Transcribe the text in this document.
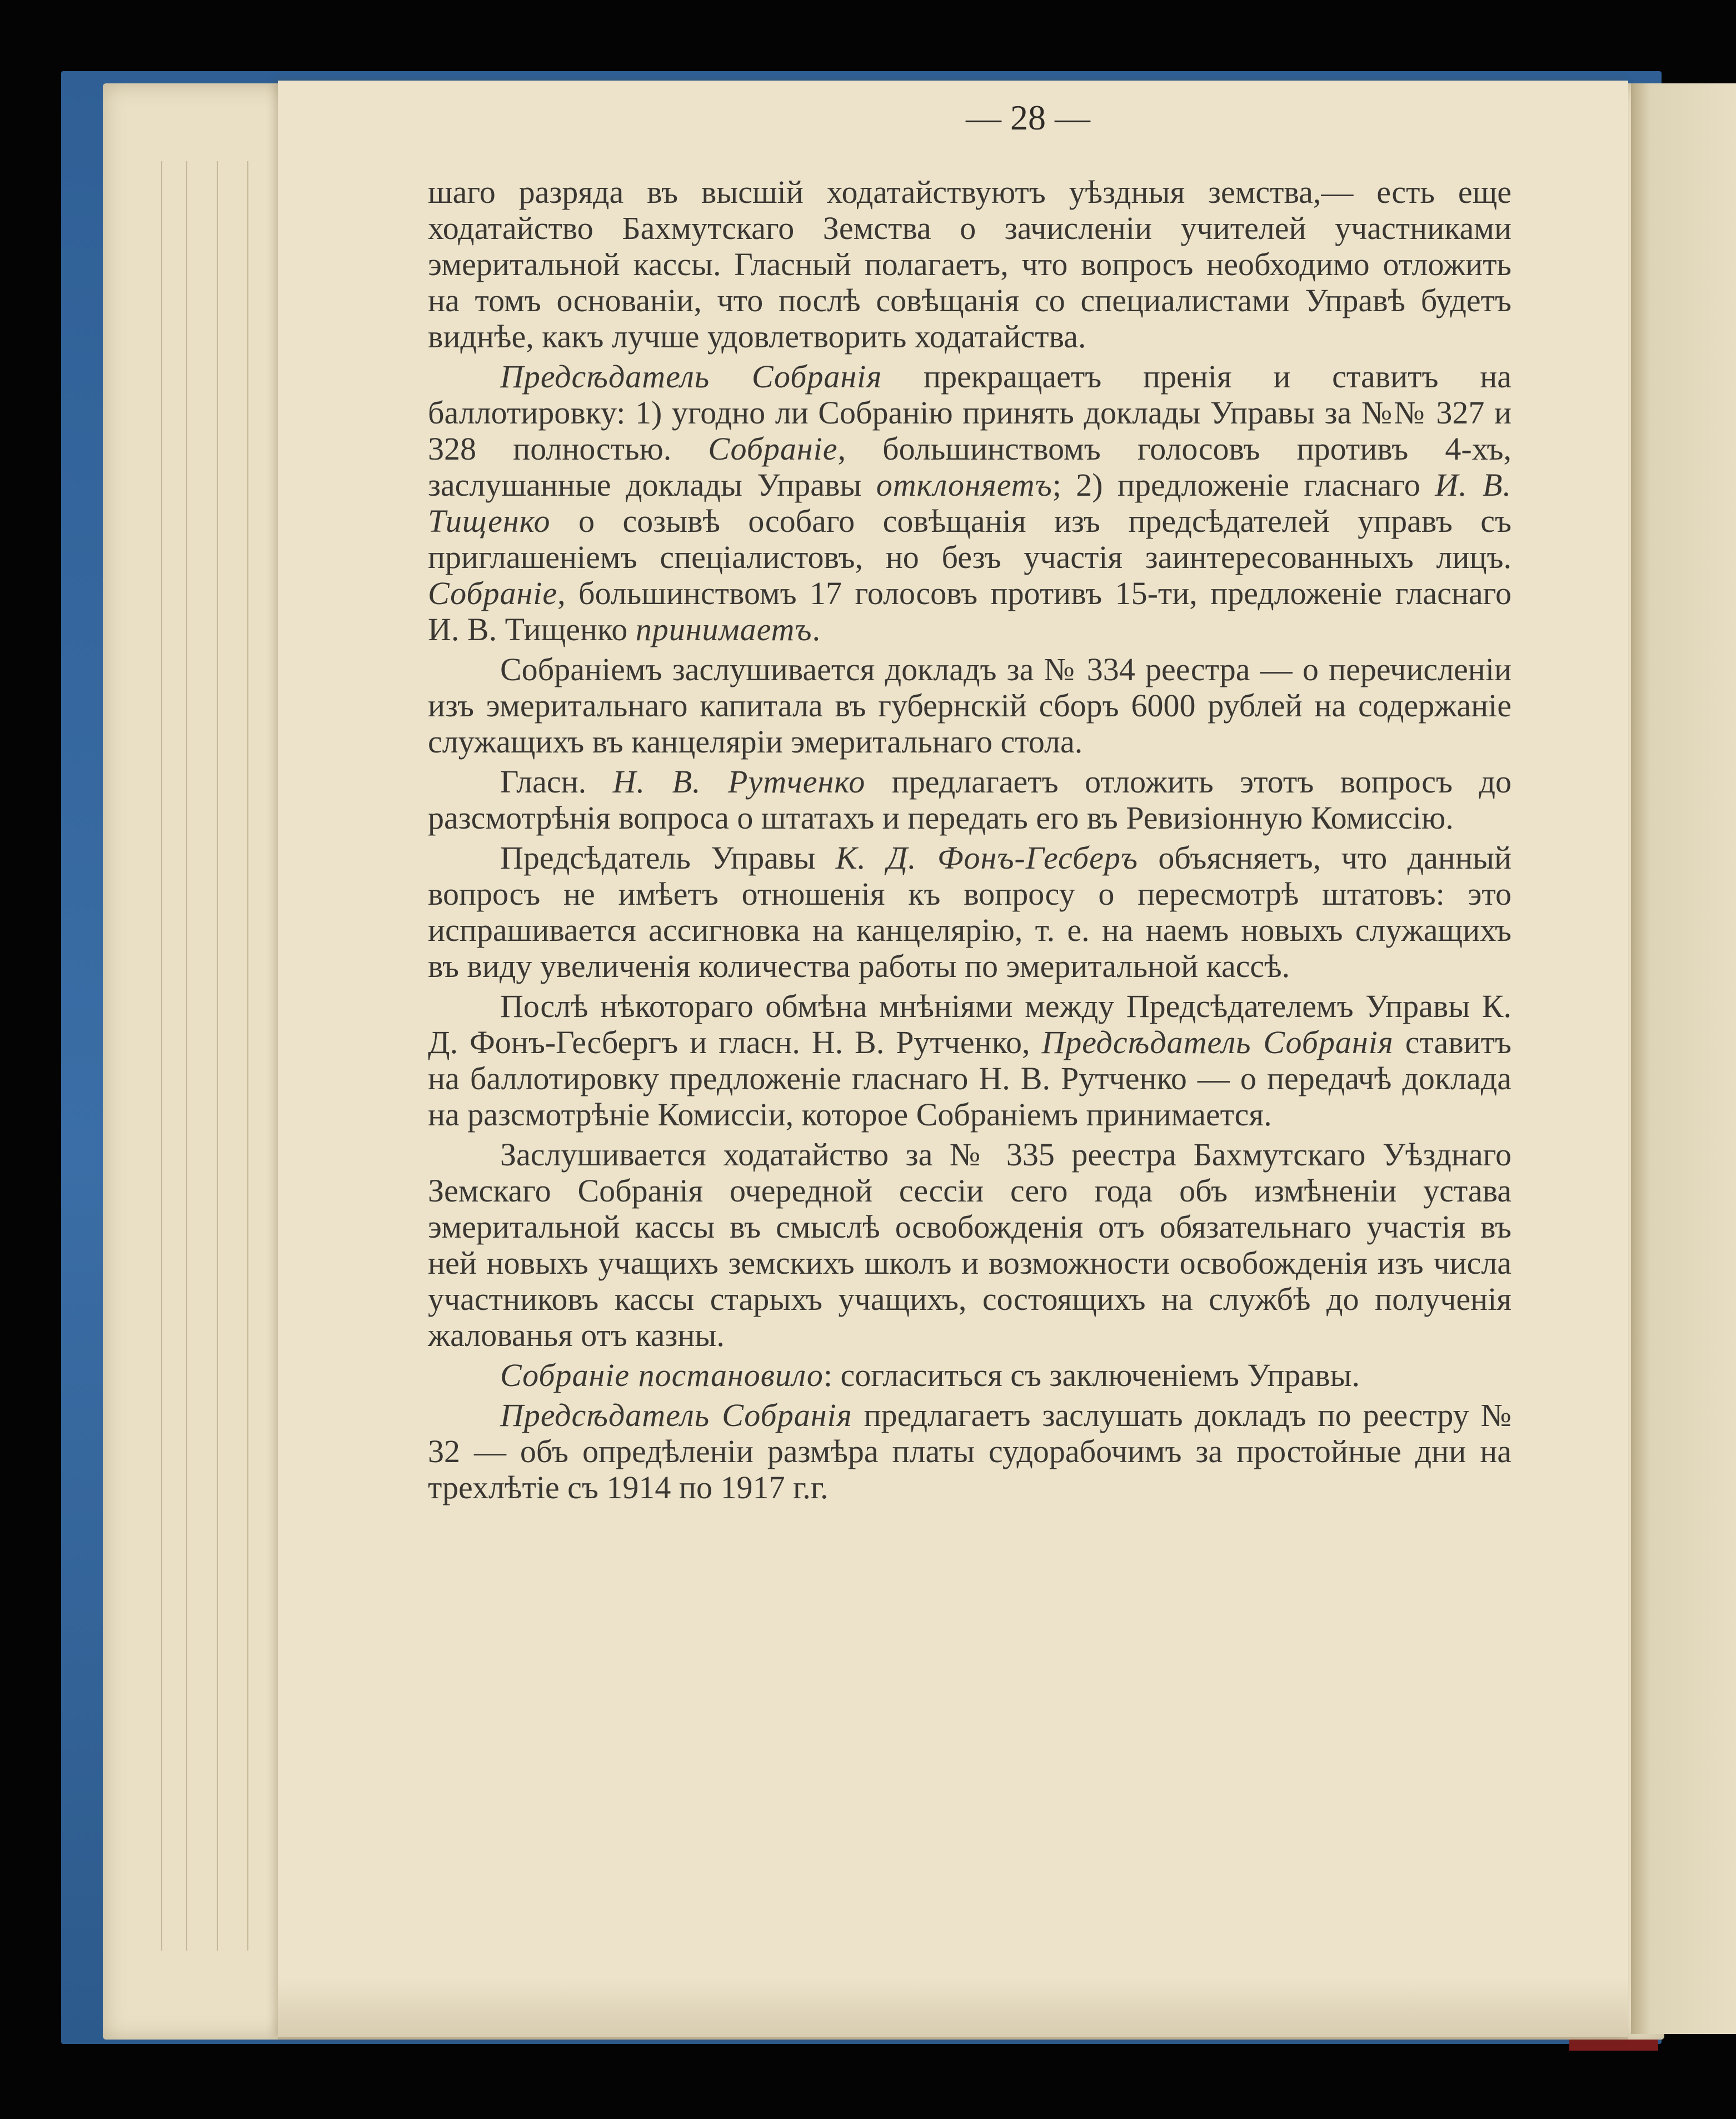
— 28 —

шаго разряда въ высшій ходатайствуютъ уѣздныя земства,— есть еще ходатайство Бахмутскаго Земства о зачисленіи учителей участниками эмеритальной кассы. Гласный полагаетъ, что вопросъ необходимо отложить на томъ основаніи, что послѣ совѣщанія со специалистами Управѣ будетъ виднѣе, какъ лучше удовлетворить ходатайства.

Предсѣдатель Собранія прекращаетъ пренія и ставитъ на баллотировку: 1) угодно ли Собранію принять доклады Управы за №№ 327 и 328 полностью. Собраніе, большинствомъ голосовъ противъ 4-хъ, заслушанные доклады Управы отклоняетъ; 2) предложеніе гласнаго И. В. Тищенко о созывѣ особаго совѣщанія изъ предсѣдателей управъ съ приглашеніемъ спеціалистовъ, но безъ участія заинтересованныхъ лицъ. Собраніе, большинствомъ 17 голосовъ противъ 15-ти, предложеніе гласнаго И. В. Тищенко принимаетъ.

Собраніемъ заслушивается докладъ за № 334 реестра — о перечисленіи изъ эмеритальнаго капитала въ губернскій сборъ 6000 рублей на содержаніе служащихъ въ канцеляріи эмеритальнаго стола.

Гласн. Н. В. Рутченко предлагаетъ отложить этотъ вопросъ до разсмотрѣнія вопроса о штатахъ и передать его въ Ревизіонную Комиссію.

Предсѣдатель Управы К. Д. Фонъ-Гесберъ объясняетъ, что данный вопросъ не имѣетъ отношенія къ вопросу о пересмотрѣ штатовъ: это испрашивается ассигновка на канцелярію, т. е. на наемъ новыхъ служащихъ въ виду увеличенія количества работы по эмеритальной кассѣ.

Послѣ нѣкотораго обмѣна мнѣніями между Предсѣдателемъ Управы К. Д. Фонъ-Гесбергъ и гласн. Н. В. Рутченко, Предсѣдатель Собранія ставитъ на баллотировку предложеніе гласнаго Н. В. Рутченко — о передачѣ доклада на разсмотрѣніе Комиссіи, которое Собраніемъ принимается.

Заслушивается ходатайство за № 335 реестра Бахмутскаго Уѣзднаго Земскаго Собранія очередной сессіи сего года объ измѣненіи устава эмеритальной кассы въ смыслѣ освобожденія отъ обязательнаго участія въ ней новыхъ учащихъ земскихъ школъ и возможности освобожденія изъ числа участниковъ кассы старыхъ учащихъ, состоящихъ на службѣ до полученія жалованья отъ казны.

Собраніе постановило: согласиться съ заключеніемъ Управы.

Предсѣдатель Собранія предлагаетъ заслушать докладъ по реестру № 32 — объ опредѣленіи размѣра платы судорабочимъ за простойные дни на трехлѣтіе съ 1914 по 1917 г.г.
